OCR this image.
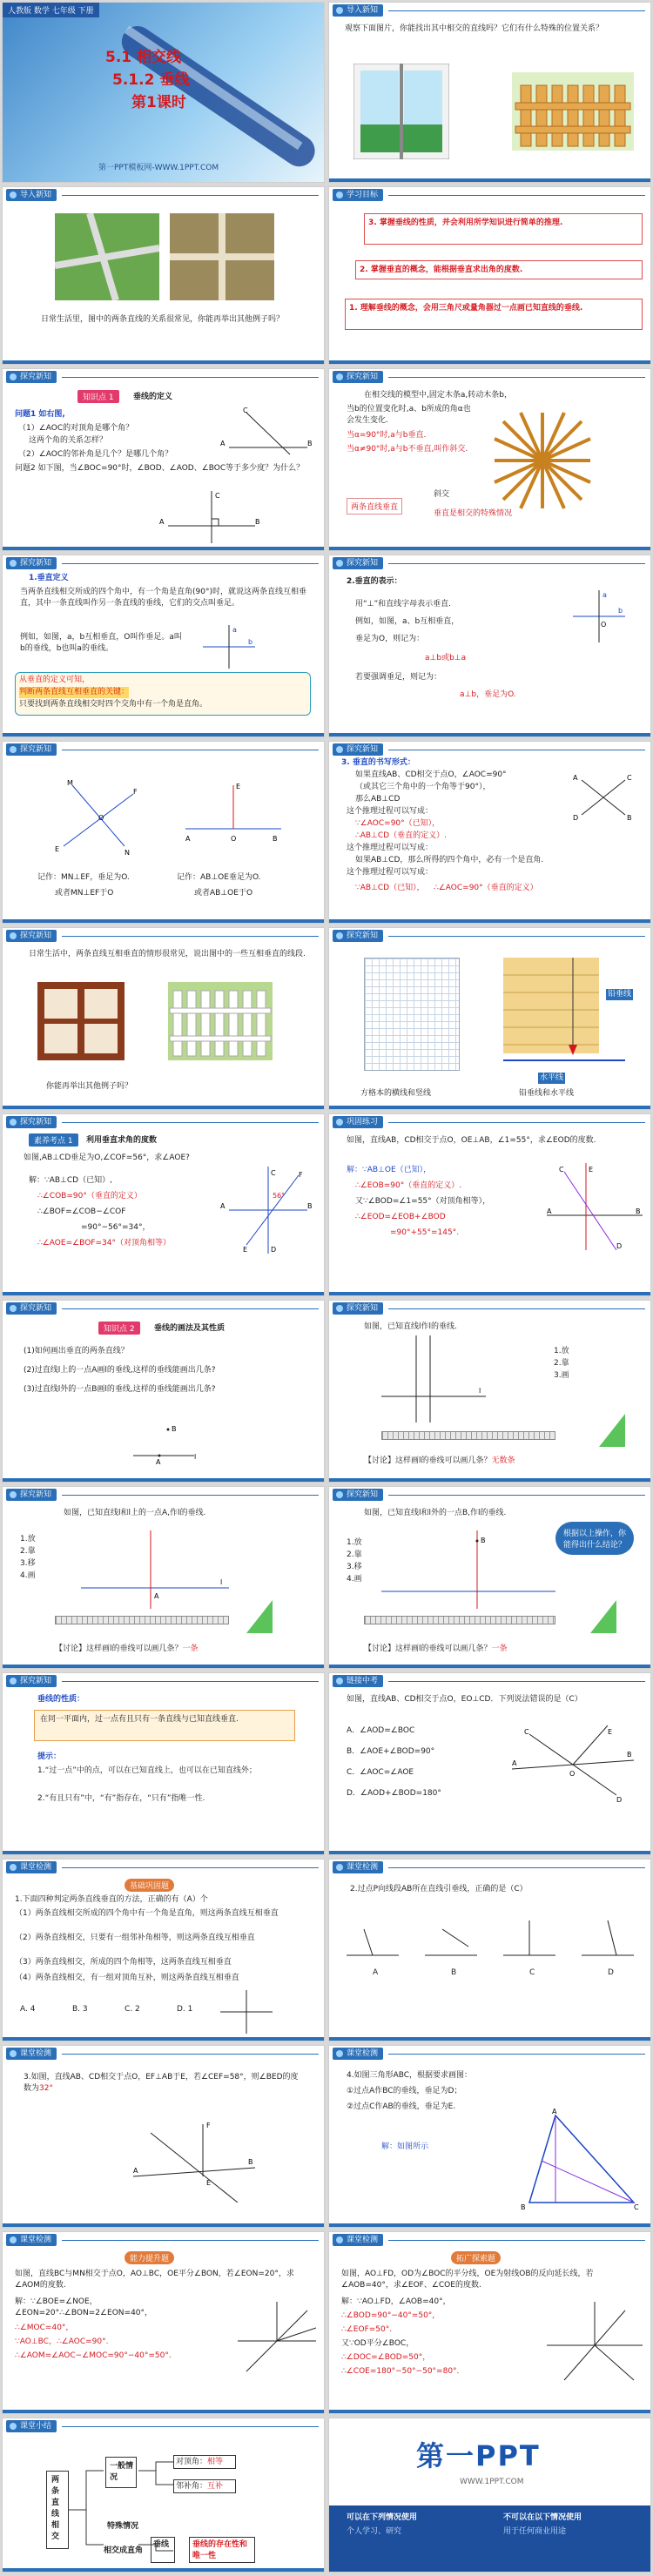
人教版 数学 七年级 下册
5.1 相交线
5.1.2 垂线
第1课时
第一PPT模板网-WWW.1PPT.COM
导入新知
观察下面图片，你能找出其中相交的直线吗？它们有什么特殊的位置关系？
导入新知
日常生活里，图中的两条直线的关系很常见，你能再举出其他例子吗？
学习目标
3. 掌握垂线的性质，并会利用所学知识进行简单的推理.
2. 掌握垂直的概念，能根据垂直求出角的度数.
1. 理解垂线的概念，会用三角尺或量角器过一点画已知直线的垂线.
探究新知
知识点 1	垂线的定义
问题1 如右图,
（1）∠AOC的对顶角是哪个角？
这两个角的关系怎样？
（2）∠AOC的邻补角是几个？是哪几个角？
问题2 如下图，当∠BOC=90°时，∠BOD、∠AOD、∠BOC等于多少度？为什么？
A	B
C
A	B
C
探究新知
在相交线的模型中,固定木条a,转动木条b，
当b的位置变化时,a、b所成的角α也会发生变化.
当α=90°时,a与b垂直.
当α≠90°时,a与b不垂直,叫作斜交.
两条直线垂直
斜交
垂直是相交的特殊情况
探究新知
1.垂直定义
当两条直线相交所成的四个角中，有一个角是直角(90°)时，就说这两条直线互相垂直，其中一条直线叫作另一条直线的垂线，它们的交点叫垂足。
例如，如图，a，b互相垂直，O叫作垂足。a叫b的垂线，b也叫a的垂线。
a
b
从垂直的定义可知，
判断两条直线互相垂直的关键：
只要找到两条直线相交时四个交角中有一个角是直角。
探究新知
2.垂直的表示：
用“⊥”和直线字母表示垂直.
例如，如图，a、b互相垂直，
垂足为O，则记为：
a⊥b或b⊥a
若要强调垂足，则记为：
a⊥b，垂足为O.
a
b
O
探究新知
M
N
E
F
O
A	B
E
O
记作：MN⊥EF，垂足为O.
或者MN⊥EF于O
记作：AB⊥OE垂足为O.
或者AB⊥OE于O
探究新知
3. 垂直的书写形式：
如果直线AB、CD相交于点O，∠AOC=90°
（或其它三个角中的一个角等于90°），
那么AB⊥CD
这个推理过程可以写成：
∵∠AOC=90°（已知），
∴AB⊥CD（垂直的定义）.
这个推理过程可以写成：
如果AB⊥CD，那么所得的四个角中，必有一个是直角.
这个推理过程可以写成：
∵AB⊥CD（已知）， ∴∠AOC=90°（垂直的定义）
A
B
C
D
探究新知
日常生活中，两条直线互相垂直的情形很常见，说出图中的一些互相垂直的线段.
你能再举出其他例子吗？
探究新知
铅垂线
水平线
方格本的横线和竖线	铅垂线和水平线
探究新知
素养考点 1	利用垂直求角的度数
如图,AB⊥CD垂足为O,∠COF=56°，求∠AOE?
解：∵AB⊥CD（已知）,
∴∠COB=90°（垂直的定义）
∴∠BOF=∠COB−∠COF
=90°−56°=34°，
∴∠AOE=∠BOF=34°（对顶角相等）
56°
A	B
C
D
F
E
巩固练习
如图，直线AB，CD相交于点O，OE⊥AB，∠1=55°，求∠EOD的度数.
解：∵AB⊥OE（已知），
∴∠EOB=90°（垂直的定义）.
又∵∠BOD=∠1=55°（对顶角相等），
∴∠EOD=∠EOB+∠BOD
=90°+55°=145°.
A	B
E
C
D
探究新知
知识点 2	垂线的画法及其性质
(1)如何画出垂直的两条直线？
(2)过直线l上的一点A画l的垂线,这样的垂线能画出几条?
(3)过直线l外的一点B画l的垂线,这样的垂线能画出几条?
B
A
l
探究新知
如图，已知直线l作l的垂线.
l
1.放
2.靠
3.画
【讨论】这样画l的垂线可以画几条？无数条
探究新知
如图，已知直线l和l上的一点A,作l的垂线.
1.放
2.靠
3.移
4.画
A
l
【讨论】这样画l的垂线可以画几条？一条
探究新知
如图，已知直线l和l外的一点B,作l的垂线.
1.放
2.靠
3.移
4.画
B
根据以上操作，你能得出什么结论？
【讨论】这样画l的垂线可以画几条？一条
探究新知
垂线的性质：
在同一平面内，过一点有且只有一条直线与已知直线垂直.
提示：
1.“过一点”中的点，可以在已知直线上，也可以在已知直线外；
2.“有且只有”中，“有”指存在，“只有”指唯一性.
链接中考
如图，直线AB、CD相交于点O，EO⊥CD．下列说法错误的是（C）
A．∠AOD=∠BOC
B．∠AOE+∠BOD=90°
C．∠AOC=∠AOE
D．∠AOD+∠BOD=180°
A
B
C
D
E
O
课堂检测
基础巩固题
1.下面四种判定两条直线垂直的方法，正确的有（A）个
（1）两条直线相交所成的四个角中有一个角是直角，则这两条直线互相垂直
（2）两条直线相交，只要有一组邻补角相等，则这两条直线互相垂直
（3）两条直线相交，所成的四个角相等，这两条直线互相垂直
（4）两条直线相交，有一组对顶角互补，则这两条直线互相垂直
A. 4	B. 3	C. 2	D. 1
课堂检测
2.过点P向线段AB所在直线引垂线，正确的是（C）
A	B	C	D
课堂检测
3.如图，直线AB、CD相交于点O，EF⊥AB于E，若∠CEF=58°，则∠BED的度数为32°
A
B
F
E
课堂检测
4.如图三角形ABC，根据要求画图：
①过点A作BC的垂线，垂足为D；
②过点C作AB的垂线，垂足为E.
解：如图所示
A
B	C
课堂检测
能力提升题
如图，直线BC与MN相交于点O，AO⊥BC，OE平分∠BON，若∠EON=20°，求∠AOM的度数.
解：∵∠BOE=∠NOE，∠EON=20°∴∠BON=2∠EON=40°，
∴∠MOC=40°，
∵AO⊥BC，∴∠AOC=90°.
∴∠AOM=∠AOC−∠MOC=90°−40°=50°.
课堂检测
拓广探索题
如图，AO⊥FD，OD为∠BOC的平分线，OE为射线OB的反向延长线，若∠AOB=40°，求∠EOF、∠COE的度数.
解：∵AO⊥FD，∠AOB=40°，
∴∠BOD=90°−40°=50°，
∴∠EOF=50°.
又∵OD平分∠BOC，
∴∠DOC=∠BOD=50°，
∴∠COE=180°−50°−50°=80°.
课堂小结
两条直线相交
一般情况
对顶角：相等
邻补角：互补
特殊情况
相交成直角
垂线	垂线的存在性和唯一性
第一PPT
WWW.1PPT.COM
可以在下列情况使用
个人学习、研究
不可以在以下情况使用
用于任何商业用途
